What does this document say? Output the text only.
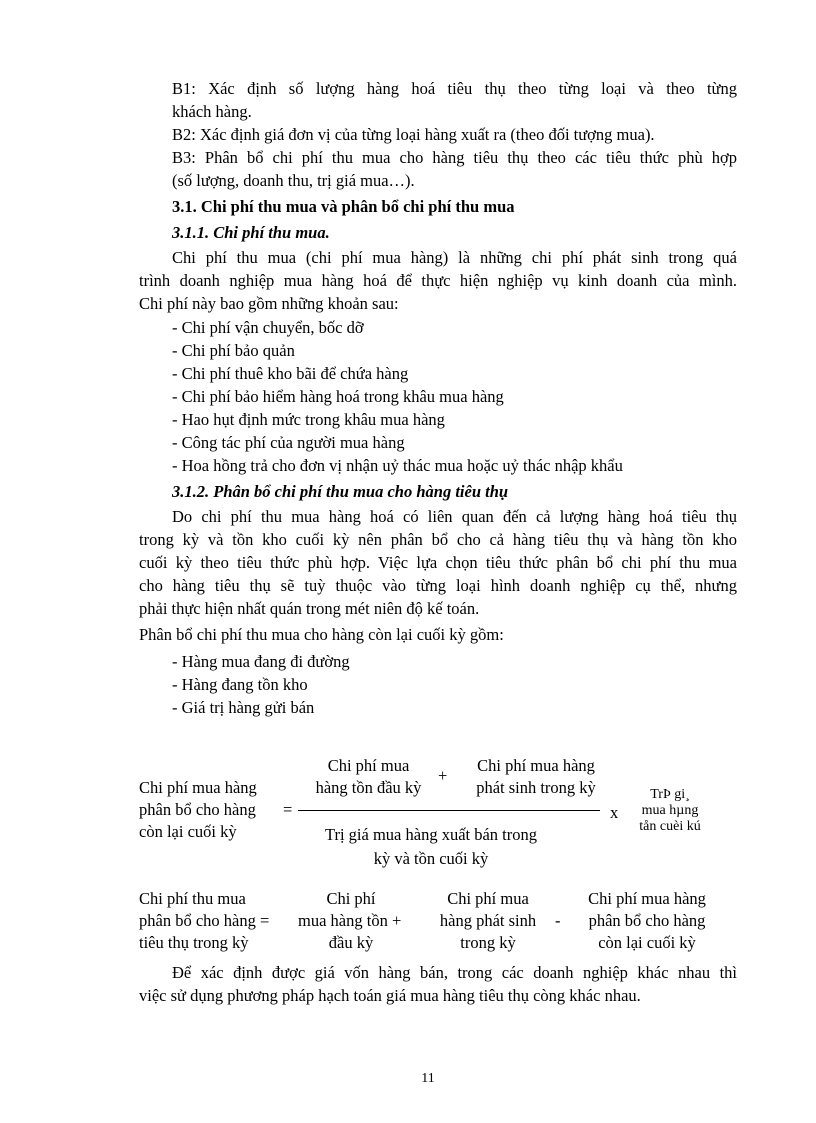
B1: Xác định số lượng hàng hoá tiêu thụ theo từng loại và theo từng
khách hàng.
B2: Xác định giá đơn vị của từng loại hàng xuất ra (theo đối tượng mua).
B3: Phân bổ chi phí thu mua cho hàng tiêu thụ theo các tiêu thức phù hợp
(số lượng, doanh thu, trị giá mua…).
3.1. Chi phí thu mua và phân bổ chi phí thu mua
3.1.1. Chi phí thu mua.
Chi phí thu mua (chi phí mua hàng) là những chi phí phát sinh trong quá
trình doanh nghiệp mua hàng hoá để thực hiện nghiệp vụ kinh doanh của mình.
Chi phí này bao gồm những khoản sau:
- Chi phí vận chuyển, bốc dỡ
- Chi phí bảo quản
- Chi phí thuê kho bãi để chứa hàng
- Chi phí bảo hiểm hàng hoá trong khâu mua hàng
- Hao hụt định mức trong khâu mua hàng
- Công tác phí của người mua hàng
- Hoa hồng trả cho đơn vị nhận uỷ thác mua hoặc uỷ thác nhập khẩu
3.1.2. Phân bổ chi phí thu mua cho hàng tiêu thụ
Do chi phí thu mua hàng hoá có liên quan đến cả lượng hàng hoá tiêu thụ
trong kỳ và tồn kho cuối kỳ nên phân bổ cho cả hàng tiêu thụ và hàng tồn kho
cuối kỳ theo tiêu thức phù hợp. Việc lựa chọn tiêu thức phân bổ chi phí thu mua
cho hàng tiêu thụ sẽ tuỳ thuộc vào từng loại hình doanh nghiệp cụ thể, nhưng
phải thực hiện nhất quán trong mét niên độ kế toán.
Phân bổ chi phí thu mua cho hàng còn lại cuối kỳ gồm:
- Hàng mua đang đi đường
- Hàng đang tồn kho
- Giá trị hàng gửi bán
Chi phí mua hàng
phân bổ cho hàng
còn lại cuối kỳ
=
Chi phí mua
hàng tồn đầu kỳ
+
Chi phí mua hàng
phát sinh trong kỳ
Trị giá mua hàng xuất bán trong
kỳ và tồn cuối kỳ
x
TrÞ gi¸
mua hµng
tån cuèi kú
Chi phí thu mua
phân bổ cho hàng =
tiêu thụ trong kỳ
Chi phí
mua hàng tồn +
đầu kỳ
Chi phí mua
hàng phát sinh
trong kỳ
-
Chi phí mua hàng
phân bổ cho hàng
còn lại cuối kỳ
Để xác định được giá vốn hàng bán, trong các doanh nghiệp khác nhau thì
việc sử dụng phương pháp hạch toán giá mua hàng tiêu thụ còng khác nhau.
11
